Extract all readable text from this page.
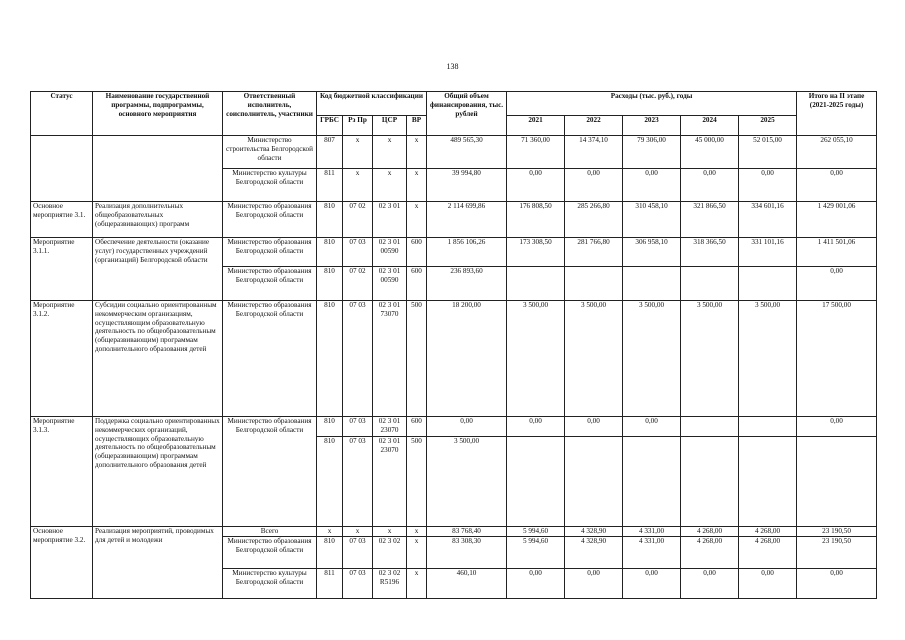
138
Статус	Наименование государственной программы, подпрограммы, основного мероприятия	Ответственный исполнитель, соисполнитель, участники	Код бюджетной классификации				Общий объем финансирования, тыс. рублей	Расходы (тыс. руб.), годы					Итого на II этапе (2021-2025 годы)

			ГРБС	Рз Пр	ЦСР	ВР		2021	2022	2023	2024	2025	
		Министерство строительства Белгородской области	807	х	х	х	489 565,30	71 360,00	14 374,10	79 306,00	45 000,00	52 015,00	262 055,10
		Министерство культуры Белгородской области	811	х	х	х	39 994,80	0,00	0,00	0,00	0,00	0,00	0,00
Основное мероприятие 3.1.	Реализация дополнительных общеобразовательных (общеразвивающих) программ	Министерство образования Белгородской области	810	07 02	02 3 01	х	2 114 699,86	176 808,50	285 266,80	310 458,10	321 866,50	334 601,16	1 429 001,06
Мероприятие 3.1.1.	Обеспечение деятельности (оказание услуг) государственных учреждений (организаций) Белгородской области	Министерство образования Белгородской области	810	07 03	02 3 01 00590	600	1 856 106,26	173 308,50	281 766,80	306 958,10	318 366,50	331 101,16	1 411 501,06
		Министерство образования Белгородской области	810	07 02	02 3 01 00590	600	236 893,60						0,00
Мероприятие 3.1.2.	Субсидии социально ориентированным некоммерческим организациям, осуществляющим образовательную деятельность по общеобразовательным (общеразвивающим) программам дополнительного образования детей	Министерство образования Белгородской области	810	07 03	02 3 01 73070	500	18 200,00	3 500,00	3 500,00	3 500,00	3 500,00	3 500,00	17 500,00
Мероприятие 3.1.3.	Поддержка социально ориентированных некоммерческих организаций, осуществляющих образовательную деятельность по общеобразовательным (общеразвивающим) программам дополнительного образования детей	Министерство образования Белгородской области	810	07 03	02 3 01 23070	600	0,00	0,00	0,00	0,00			0,00
			810	07 03	02 3 01 23070	500	3 500,00						
Основное мероприятие 3.2.	Реализация мероприятий, проводимых для детей и молодежи	Всего	х	х	х	х	83 768,40	5 994,60	4 328,90	4 331,00	4 268,00	4 268,00	23 190,50
		Министерство образования Белгородской области	810	07 03	02 3 02	х	83 308,30	5 994,60	4 328,90	4 331,00	4 268,00	4 268,00	23 190,50
		Министерство культуры Белгородской области	811	07 03	02 3 02 R5196	х	460,10	0,00	0,00	0,00	0,00	0,00	0,00
